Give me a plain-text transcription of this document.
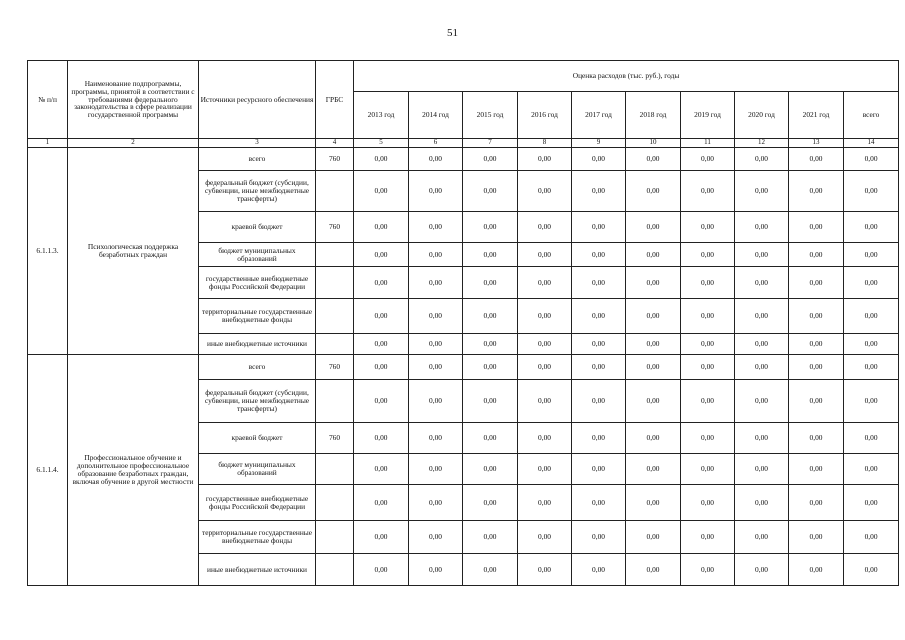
51
№ п/п	Наименование подпрограммы, программы, принятой в соответствии с требованиями федерального законодательства в сфере реализации государственной программы	Источники ресурсного обеспечения	ГРБС	Оценка расходов (тыс. руб.), годы									
				2013 год	2014 год	2015 год	2016 год	2017 год	2018 год	2019 год	2020 год	2021 год	всего
1	2	3	4	5	6	7	8	9	10	11	12	13	14
6.1.1.3.	Психологическая поддержка безработных граждан	всего	760	0,00	0,00	0,00	0,00	0,00	0,00	0,00	0,00	0,00	0,00
		федеральный бюджет (субсидии, субвенции, иные межбюджетные трансферты)		0,00	0,00	0,00	0,00	0,00	0,00	0,00	0,00	0,00	0,00
		краевой бюджет	760	0,00	0,00	0,00	0,00	0,00	0,00	0,00	0,00	0,00	0,00
		бюджет муниципальных образований		0,00	0,00	0,00	0,00	0,00	0,00	0,00	0,00	0,00	0,00
		государственные внебюджетные фонды Российской Федерации		0,00	0,00	0,00	0,00	0,00	0,00	0,00	0,00	0,00	0,00
		территориальные государственные внебюджетные фонды		0,00	0,00	0,00	0,00	0,00	0,00	0,00	0,00	0,00	0,00
		иные внебюджетные источники		0,00	0,00	0,00	0,00	0,00	0,00	0,00	0,00	0,00	0,00
6.1.1.4.	Профессиональное обучение и дополнительное профессиональное образование безработных граждан, включая обучение в другой местности	всего	760	0,00	0,00	0,00	0,00	0,00	0,00	0,00	0,00	0,00	0,00
		федеральный бюджет (субсидии, субвенции, иные межбюджетные трансферты)		0,00	0,00	0,00	0,00	0,00	0,00	0,00	0,00	0,00	0,00
		краевой бюджет	760	0,00	0,00	0,00	0,00	0,00	0,00	0,00	0,00	0,00	0,00
		бюджет муниципальных образований		0,00	0,00	0,00	0,00	0,00	0,00	0,00	0,00	0,00	0,00
		государственные внебюджетные фонды Российской Федерации		0,00	0,00	0,00	0,00	0,00	0,00	0,00	0,00	0,00	0,00
		территориальные государственные внебюджетные фонды		0,00	0,00	0,00	0,00	0,00	0,00	0,00	0,00	0,00	0,00
		иные внебюджетные источники		0,00	0,00	0,00	0,00	0,00	0,00	0,00	0,00	0,00	0,00
